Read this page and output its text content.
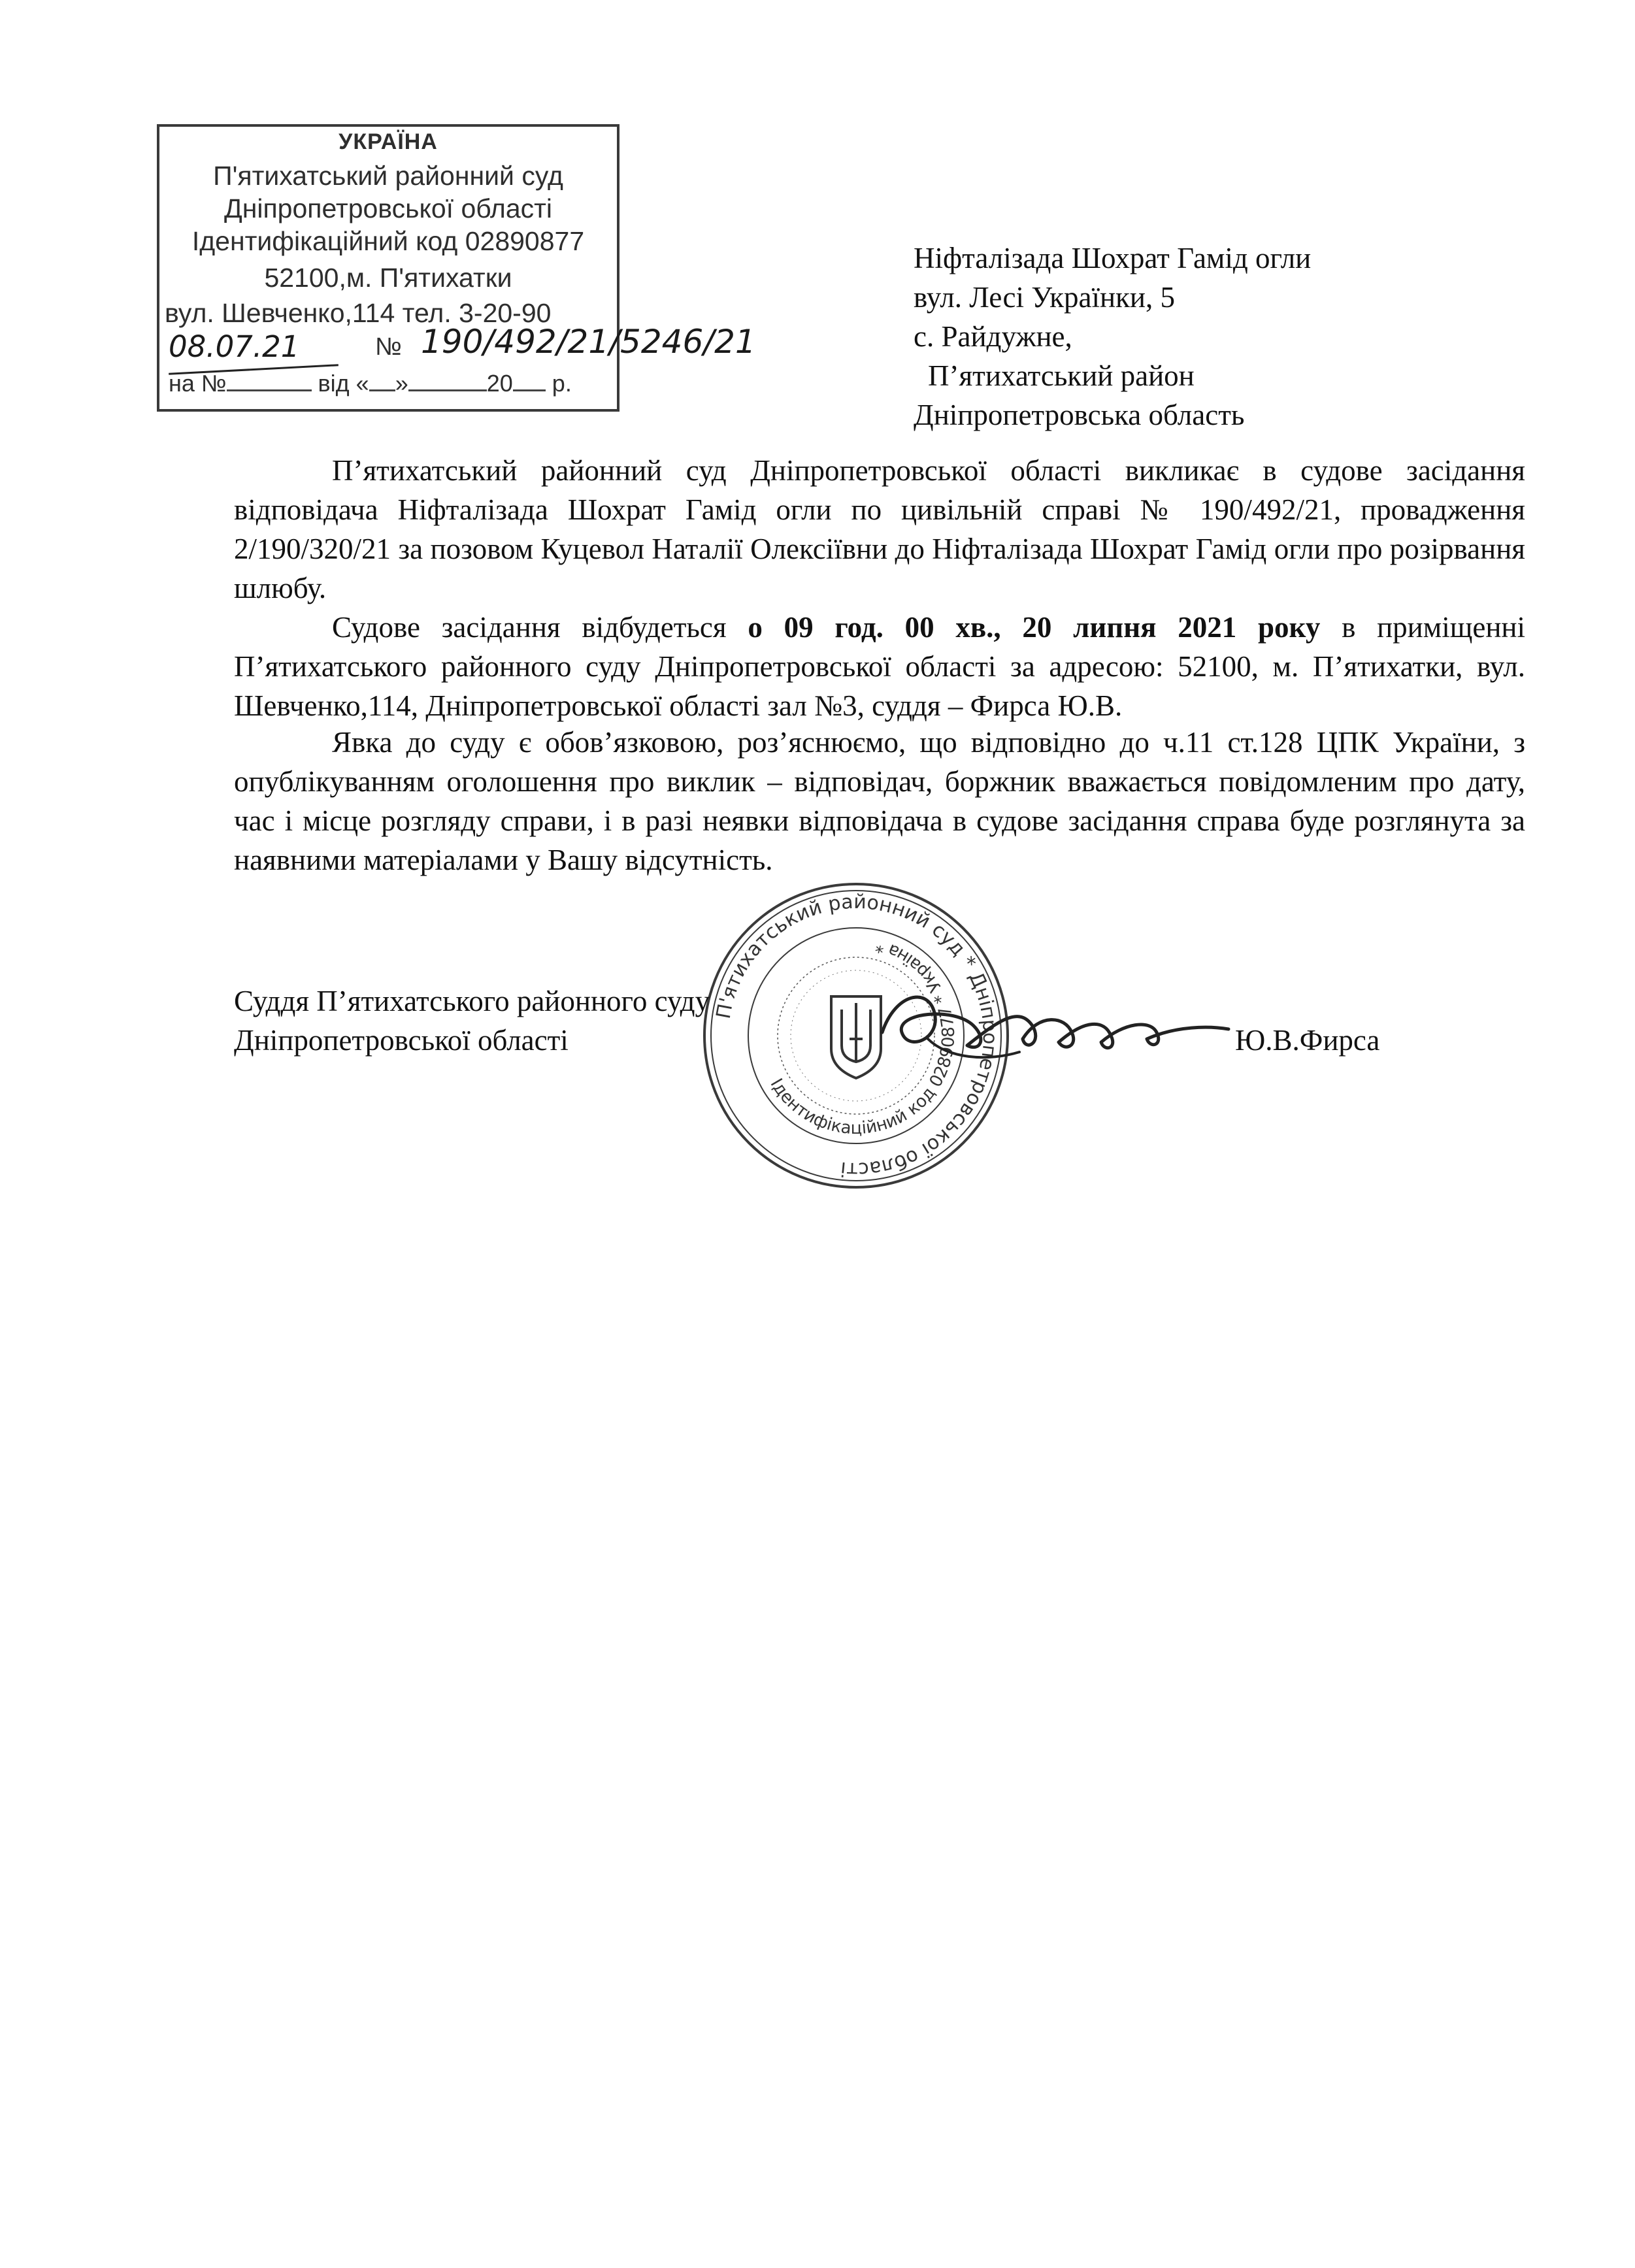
УКРАЇНА
П'ятихатський районний суд
Дніпропетровської області
Ідентифікаційний код 02890877
52100,м. П'ятихатки
вул. Шевченко,114 тел. 3-20-90
08.07.21	№ 190/492/21/5246/21
на №	від « »	20 р.
Нiфталiзада Шохрат Гамiд огли
вул. Лесi Українки, 5
с. Райдужне,
П’ятихатський район
Дніпропетровська область
П’ятихатський районний суд Дніпропетровської області викликає в судове засідання відповідача Нiфталiзада Шохрат Гамiд огли по цивільній справі № 190/492/21, провадження 2/190/320/21 за позовом Куцевол Наталії Олексіївни до Нiфталiзада Шохрат Гамiд огли про розірвання шлюбу.
Судове засідання відбудеться о 09 год. 00 хв., 20 липня 2021 року в приміщенні П’ятихатського районного суду Дніпропетровської області за адресою: 52100, м. П’ятихатки, вул. Шевченко,114, Дніпропетровської області зал №3, суддя – Фирса Ю.В.
Явка до суду є обов’язковою, роз’яснюємо, що відповідно до ч.11 ст.128 ЦПК України, з опублікуванням оголошення про виклик – відповідач, боржник вважається повідомленим про дату, час і місце розгляду справи, і в разі неявки відповідача в судове засідання справа буде розглянута за наявними матеріалами у Вашу відсутність.
П'ятихатський районний суд * Дніпропетровської області
Ідентифікаційний код 02890877 * Україна *
Суддя П’ятихатського районного суду
Дніпропетровської області	Ю.В.Фирса
